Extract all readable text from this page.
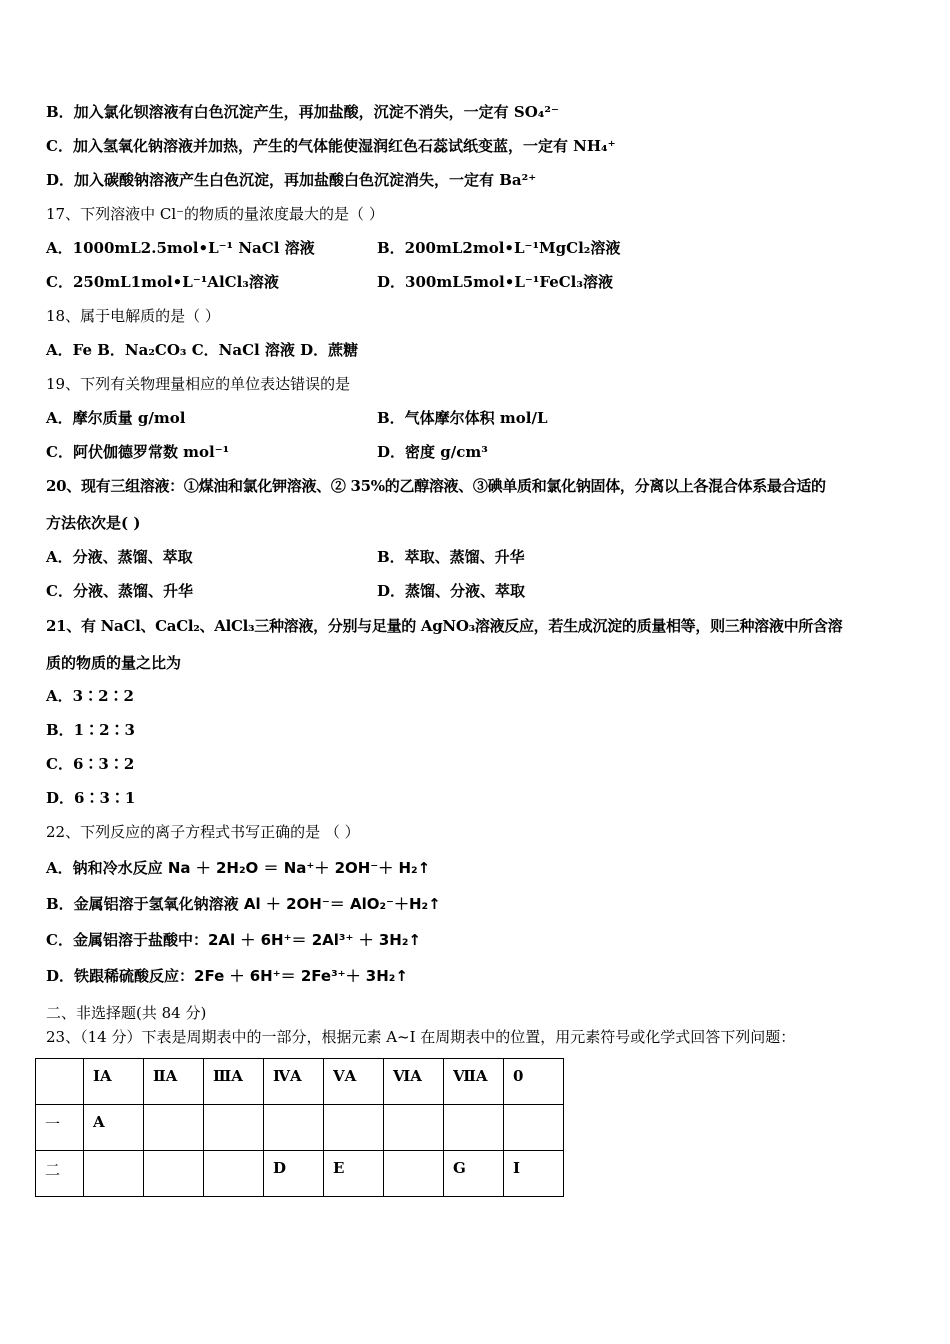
B．加入氯化钡溶液有白色沉淀产生，再加盐酸，沉淀不消失，一定有 SO₄²⁻
C．加入氢氧化钠溶液并加热，产生的气体能使湿润红色石蕊试纸变蓝，一定有 NH₄⁺
D．加入碳酸钠溶液产生白色沉淀，再加盐酸白色沉淀消失，一定有 Ba²⁺
17、下列溶液中 Cl⁻的物质的量浓度最大的是（ ）
A．1000mL2.5mol•L⁻¹ NaCl 溶液	B．200mL2mol•L⁻¹MgCl₂溶液
C．250mL1mol•L⁻¹AlCl₃溶液	D．300mL5mol•L⁻¹FeCl₃溶液
18、属于电解质的是（ ）
A．Fe B．Na₂CO₃ C．NaCl 溶液 D．蔗糖
19、下列有关物理量相应的单位表达错误的是
A．摩尔质量 g/mol	B．气体摩尔体积 mol/L
C．阿伏伽德罗常数 mol⁻¹	D．密度 g/cm³
20、现有三组溶液：①煤油和氯化钾溶液、② 35%的乙醇溶液、③碘单质和氯化钠固体，分离以上各混合体系最合适的
方法依次是( )
A．分液、蒸馏、萃取	B．萃取、蒸馏、升华
C．分液、蒸馏、升华	D．蒸馏、分液、萃取
21、有 NaCl、CaCl₂、AlCl₃三种溶液，分别与足量的 AgNO₃溶液反应，若生成沉淀的质量相等，则三种溶液中所含溶
质的物质的量之比为
A．3∶2∶2
B．1∶2∶3
C．6∶3∶2
D．6∶3∶1
22、下列反应的离子方程式书写正确的是 （ ）
A．钠和冷水反应 Na ＋ 2H₂O ＝ Na⁺＋ 2OH⁻＋ H₂↑
B．金属铝溶于氢氧化钠溶液 Al ＋ 2OH⁻＝ AlO₂⁻＋H₂↑
C．金属铝溶于盐酸中：2Al ＋ 6H⁺＝ 2Al³⁺ ＋ 3H₂↑
D．铁跟稀硫酸反应：2Fe ＋ 6H⁺＝ 2Fe³⁺＋ 3H₂↑
二、非选择题(共 84 分)
23、（14 分）下表是周期表中的一部分，根据元素 A~I 在周期表中的位置，用元素符号或化学式回答下列问题：
	ⅠA	ⅡA	ⅢA	ⅣA	ⅤA	ⅥA	ⅦA	0
一	A							
二				D	E		G	I
